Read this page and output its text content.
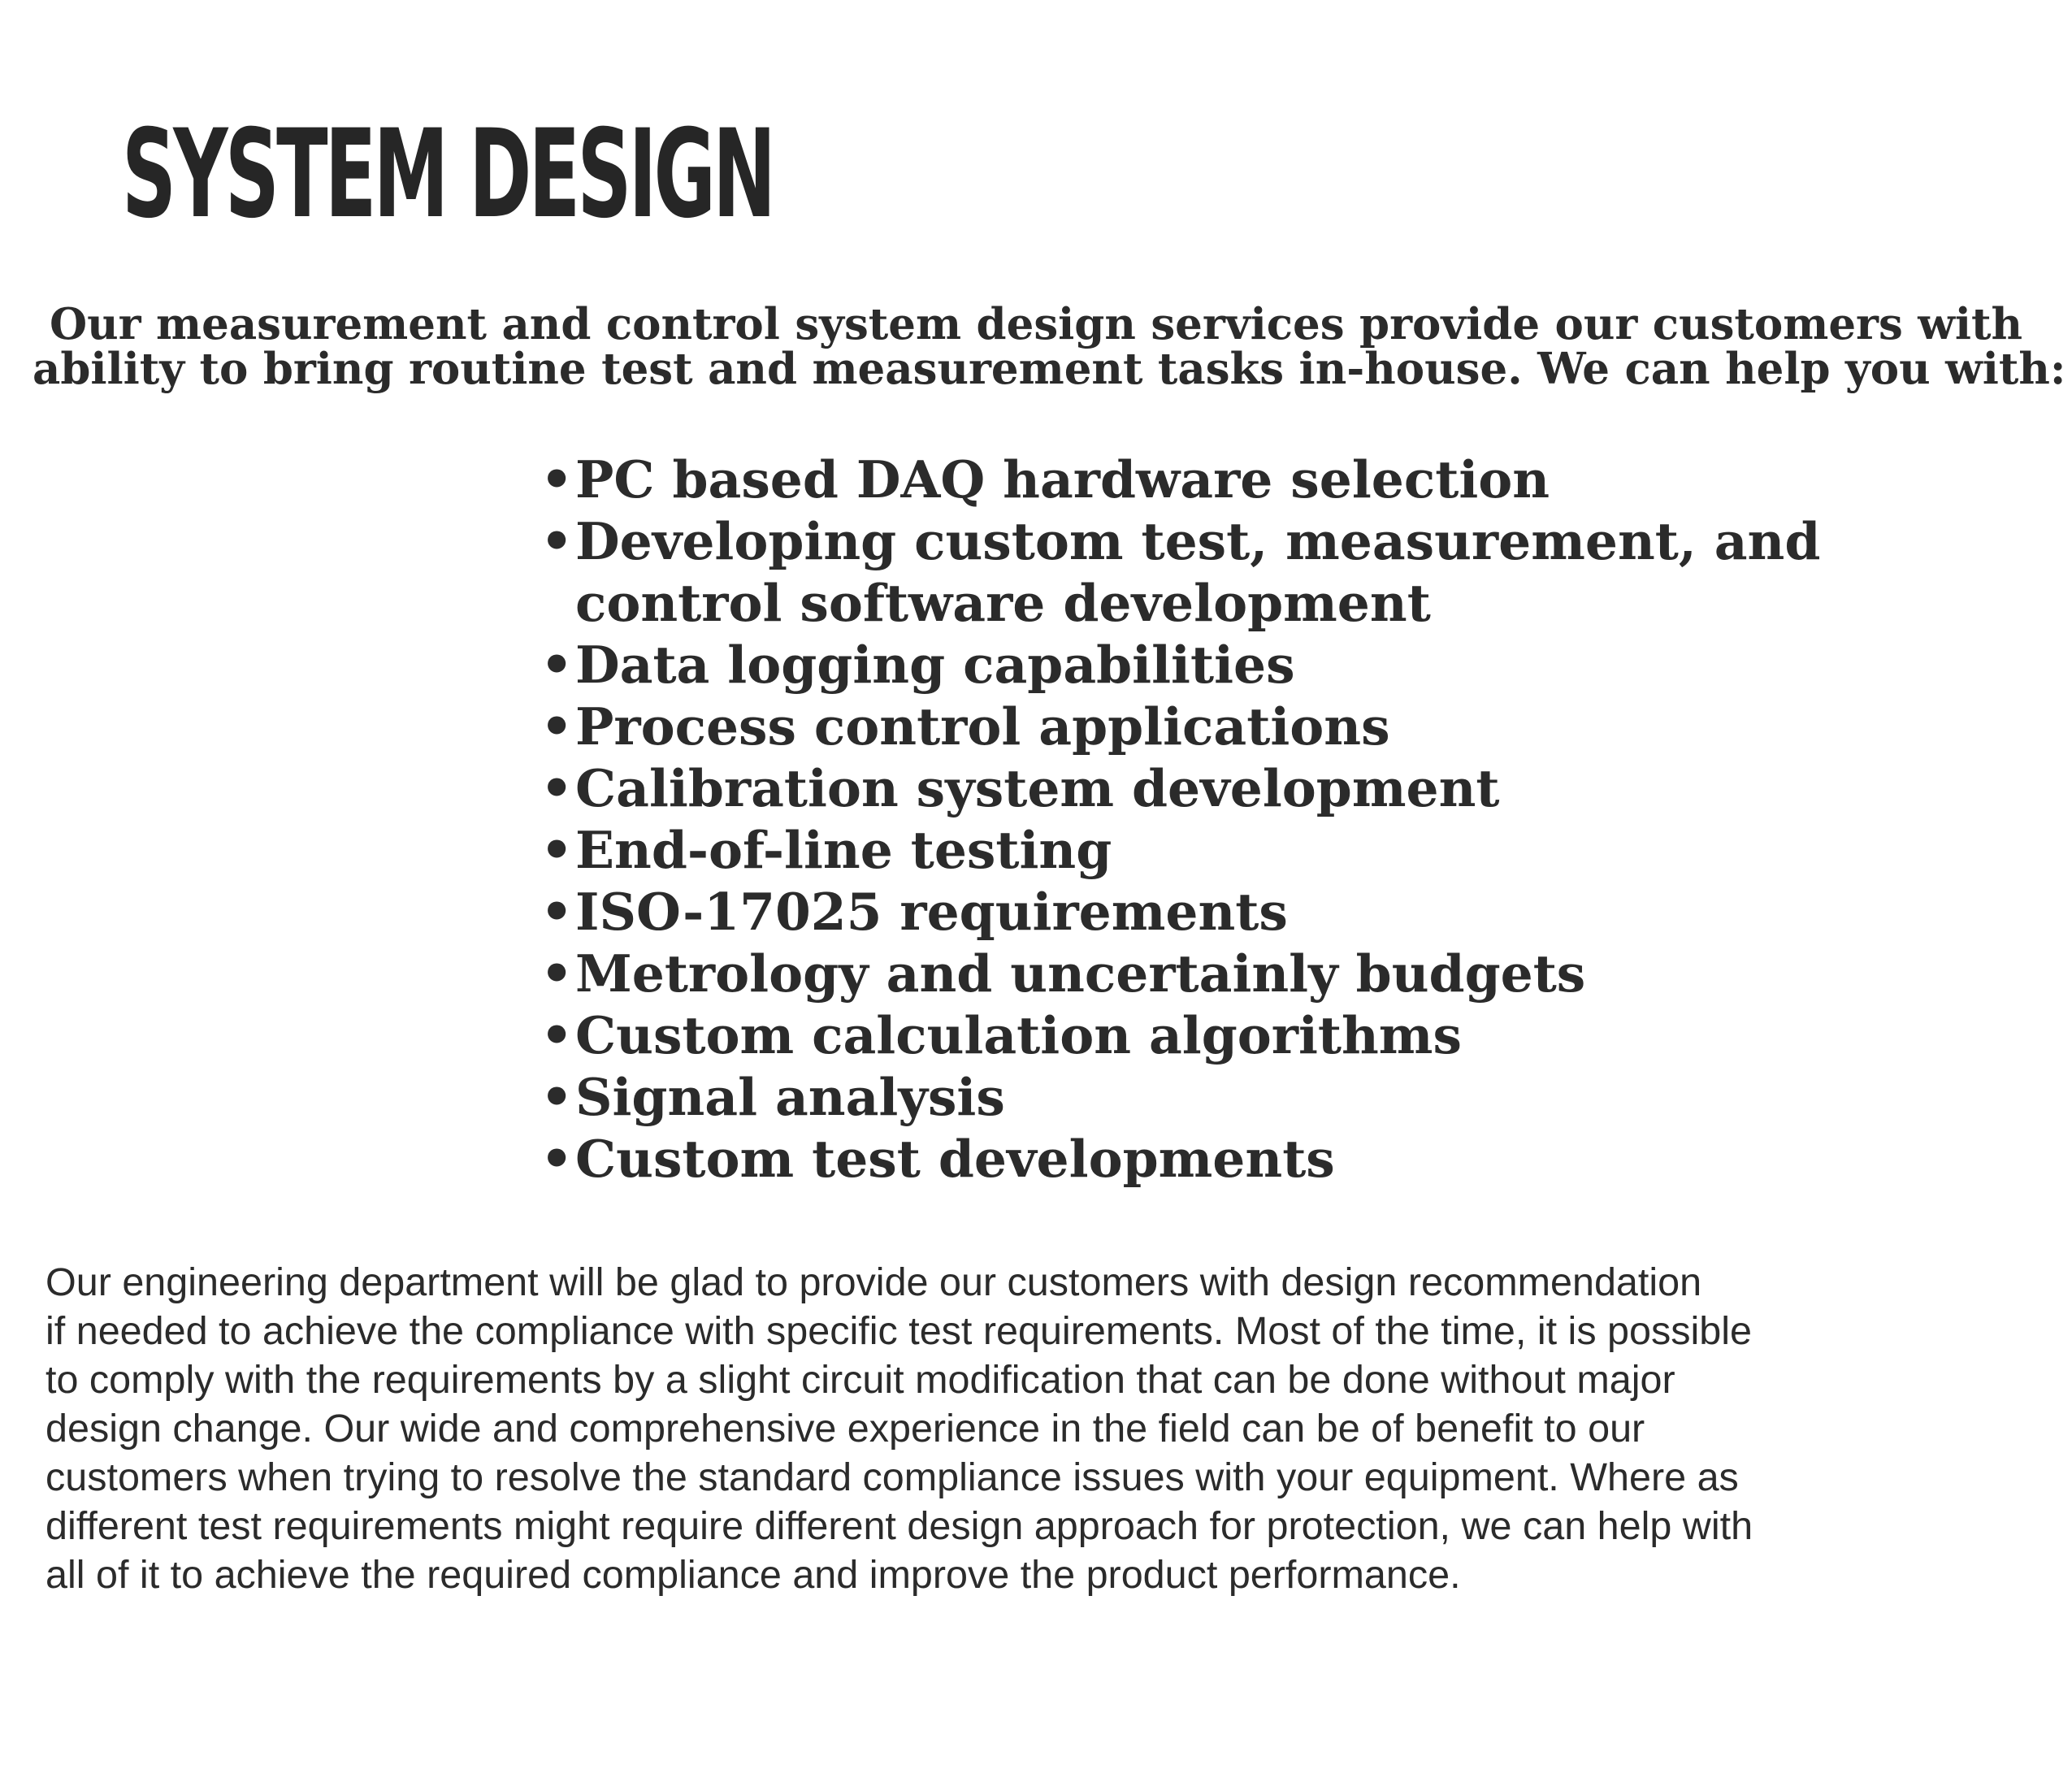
SYSTEM DESIGN

Our measurement and control system design services provide our customers with
ability to bring routine test and measurement tasks in-house. We can help you with:

• PC based DAQ hardware selection
• Developing custom test, measurement, and
control software development
• Data logging capabilities
• Process control applications
• Calibration system development
• End-of-line testing
• ISO-17025 requirements
• Metrology and uncertainly budgets
• Custom calculation algorithms
• Signal analysis
• Custom test developments

Our engineering department will be glad to provide our customers with design recommendation
if needed to achieve the compliance with specific test requirements. Most of the time, it is possible
to comply with the requirements by a slight circuit modification that can be done without major
design change. Our wide and comprehensive experience in the field can be of benefit to our
customers when trying to resolve the standard compliance issues with your equipment. Where as
different test requirements might require different design approach for protection, we can help with
all of it to achieve the required compliance and improve the product performance.
